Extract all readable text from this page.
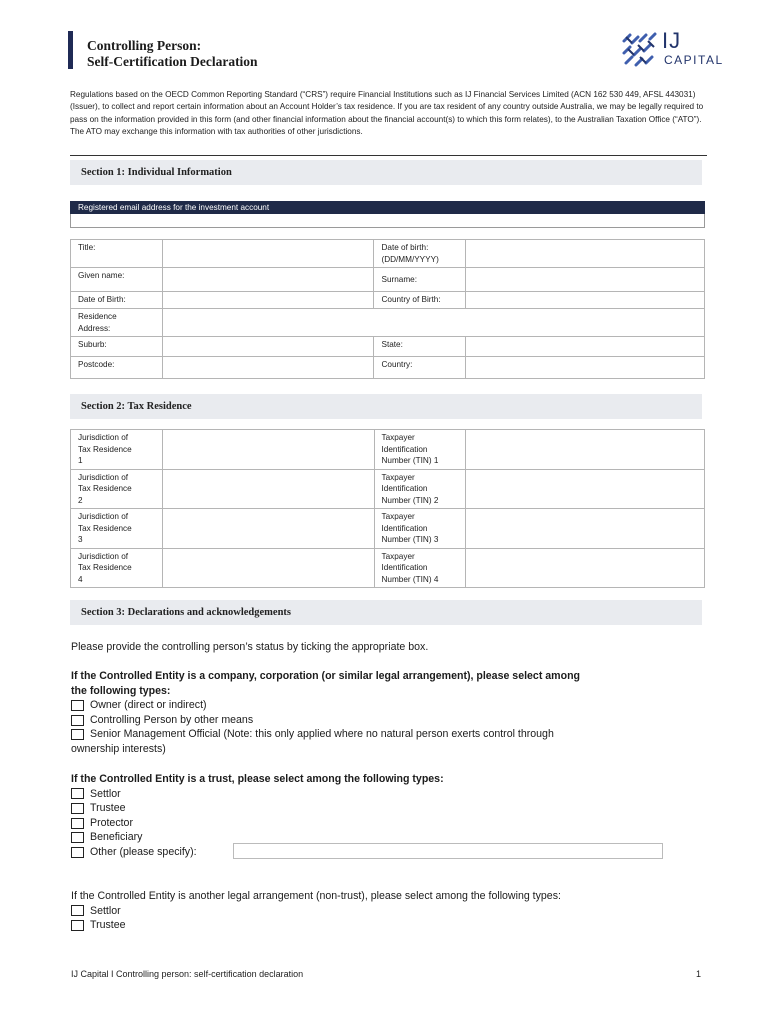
Controlling Person:
Self-Certification Declaration
IJ
CAPITAL

Regulations based on the OECD Common Reporting Standard (“CRS”) require Financial Institutions such as IJ Financial Services Limited (ACN 162 530 449, AFSL 443031) (Issuer), to collect and report certain information about an Account Holder’s tax residence. If you are tax resident of any country outside Australia, we may be legally required to pass on the information provided in this form (and other financial information about the financial account(s) to which this form relates), to the Australian Taxation Office (“ATO”). The ATO may exchange this information with tax authorities of other jurisdictions.

Section 1: Individual Information
Registered email address for the investment account
Title:		Date of birth:
(DD/MM/YYYY)	
Given name:		Surname:	
Date of Birth:		Country of Birth:	
Residence
Address:			
Suburb:		State:	
Postcode:		Country:	
Section 2: Tax Residence
Jurisdiction of
Tax Residence
1		Taxpayer
Identification
Number (TIN) 1	
Jurisdiction of
Tax Residence
2		Taxpayer
Identification
Number (TIN) 2	
Jurisdiction of
Tax Residence
3		Taxpayer
Identification
Number (TIN) 3	
Jurisdiction of
Tax Residence
4		Taxpayer
Identification
Number (TIN) 4	
Section 3: Declarations and acknowledgements
Please provide the controlling person’s status by ticking the appropriate box.
If the Controlled Entity is a company, corporation (or similar legal arrangement), please select among
the following types:
Owner (direct or indirect)
Controlling Person by other means
Senior Management Official (Note: this only applied where no natural person exerts control through
ownership interests)
If the Controlled Entity is a trust, please select among the following types:
Settlor
Trustee
Protector
Beneficiary
Other (please specify):
If the Controlled Entity is another legal arrangement (non-trust), please select among the following types:
Settlor
Trustee
IJ Capital I Controlling person: self-certification declaration	1
